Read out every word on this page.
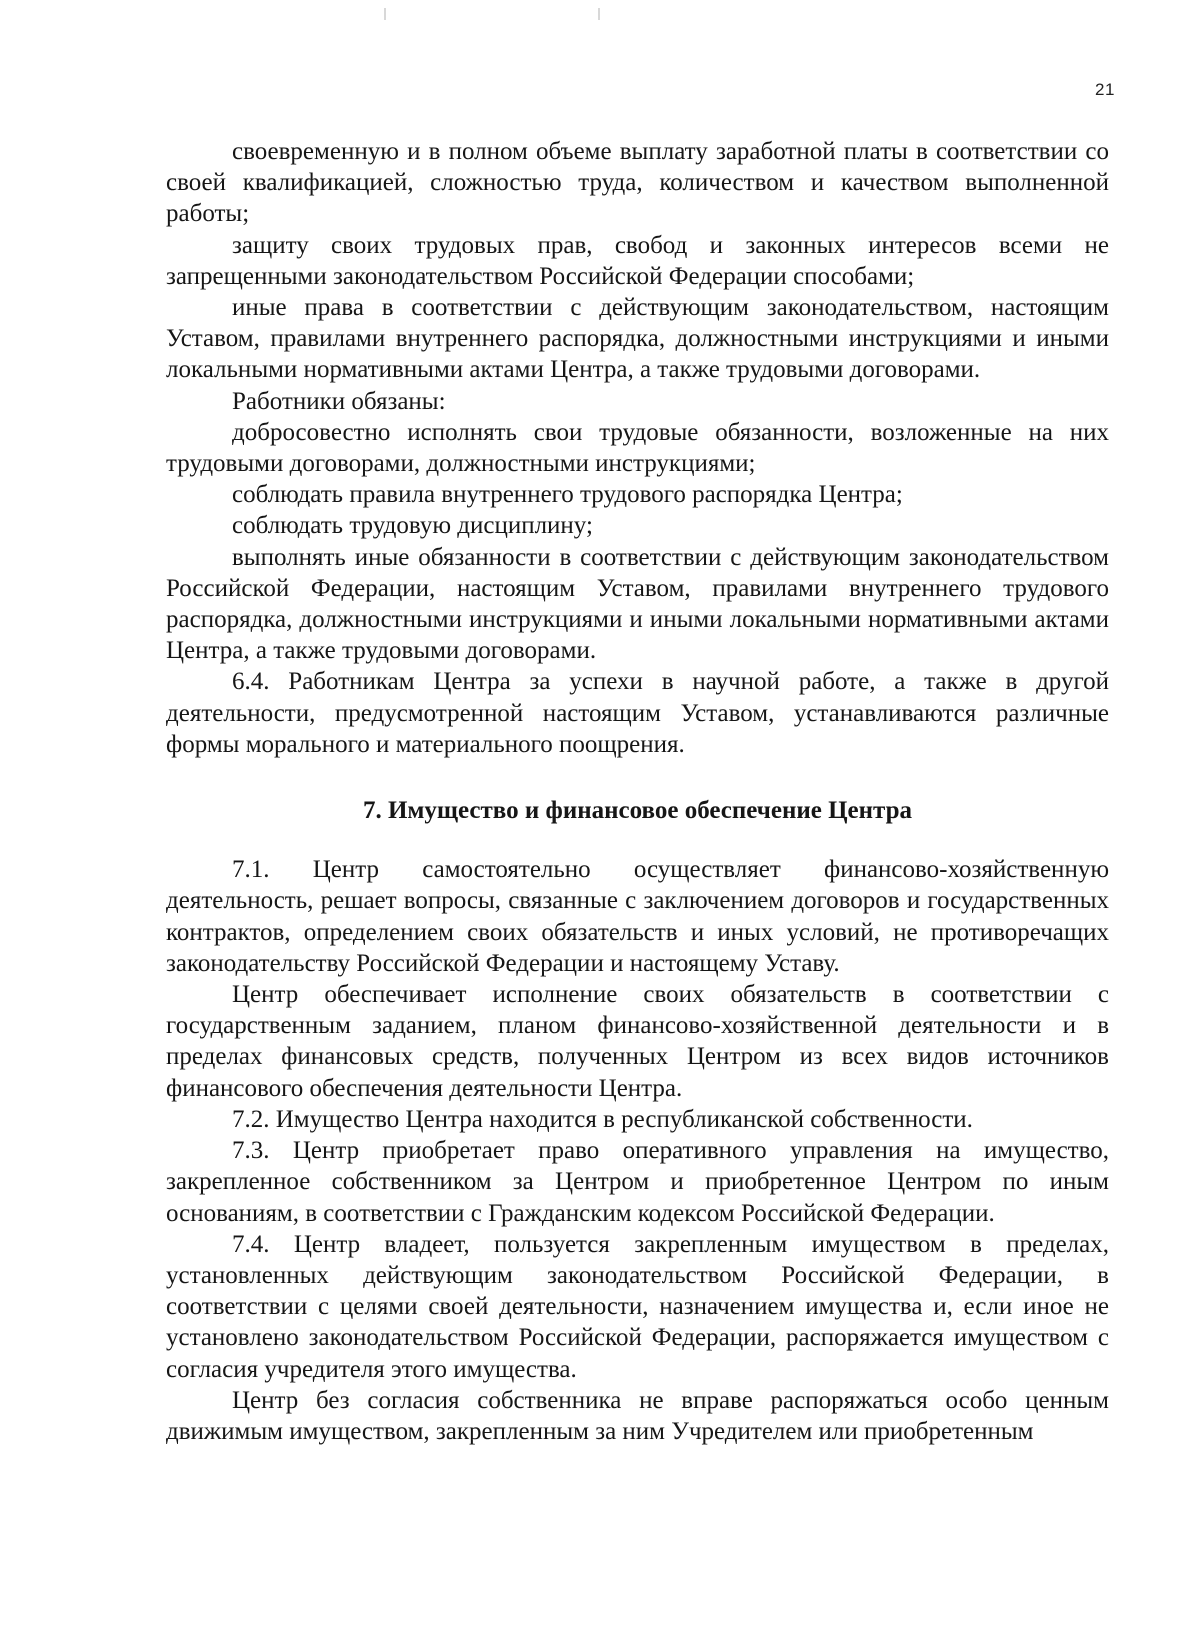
21

своевременную и в полном объеме выплату заработной платы в соответствии со своей квалификацией, сложностью труда, количеством и качеством выполненной работы;

защиту своих трудовых прав, свобод и законных интересов всеми не запрещенными законодательством Российской Федерации способами;

иные права в соответствии с действующим законодательством, настоящим Уставом, правилами внутреннего распорядка, должностными инструкциями и иными локальными нормативными актами Центра, а также трудовыми договорами.

Работники обязаны:

добросовестно исполнять свои трудовые обязанности, возложенные на них трудовыми договорами, должностными инструкциями;

соблюдать правила внутреннего трудового распорядка Центра;

соблюдать трудовую дисциплину;

выполнять иные обязанности в соответствии с действующим законодательством Российской Федерации, настоящим Уставом, правилами внутреннего трудового распорядка, должностными инструкциями и иными локальными нормативными актами Центра, а также трудовыми договорами.

6.4. Работникам Центра за успехи в научной работе, а также в другой деятельности, предусмотренной настоящим Уставом, устанавливаются различные формы морального и материального поощрения.

7. Имущество и финансовое обеспечение Центра

7.1. Центр самостоятельно осуществляет финансово-хозяйственную деятельность, решает вопросы, связанные с заключением договоров и государственных контрактов, определением своих обязательств и иных условий, не противоречащих законодательству Российской Федерации и настоящему Уставу.

Центр обеспечивает исполнение своих обязательств в соответствии с государственным заданием, планом финансово-хозяйственной деятельности и в пределах финансовых средств, полученных Центром из всех видов источников финансового обеспечения деятельности Центра.

7.2. Имущество Центра находится в республиканской собственности.

7.3. Центр приобретает право оперативного управления на имущество, закрепленное собственником за Центром и приобретенное Центром по иным основаниям, в соответствии с Гражданским кодексом Российской Федерации.

7.4. Центр владеет, пользуется закрепленным имуществом в пределах, установленных действующим законодательством Российской Федерации, в соответствии с целями своей деятельности, назначением имущества и, если иное не установлено законодательством Российской Федерации, распоряжается имуществом с согласия учредителя этого имущества.

Центр без согласия собственника не вправе распоряжаться особо ценным движимым имуществом, закрепленным за ним Учредителем или приобретенным
